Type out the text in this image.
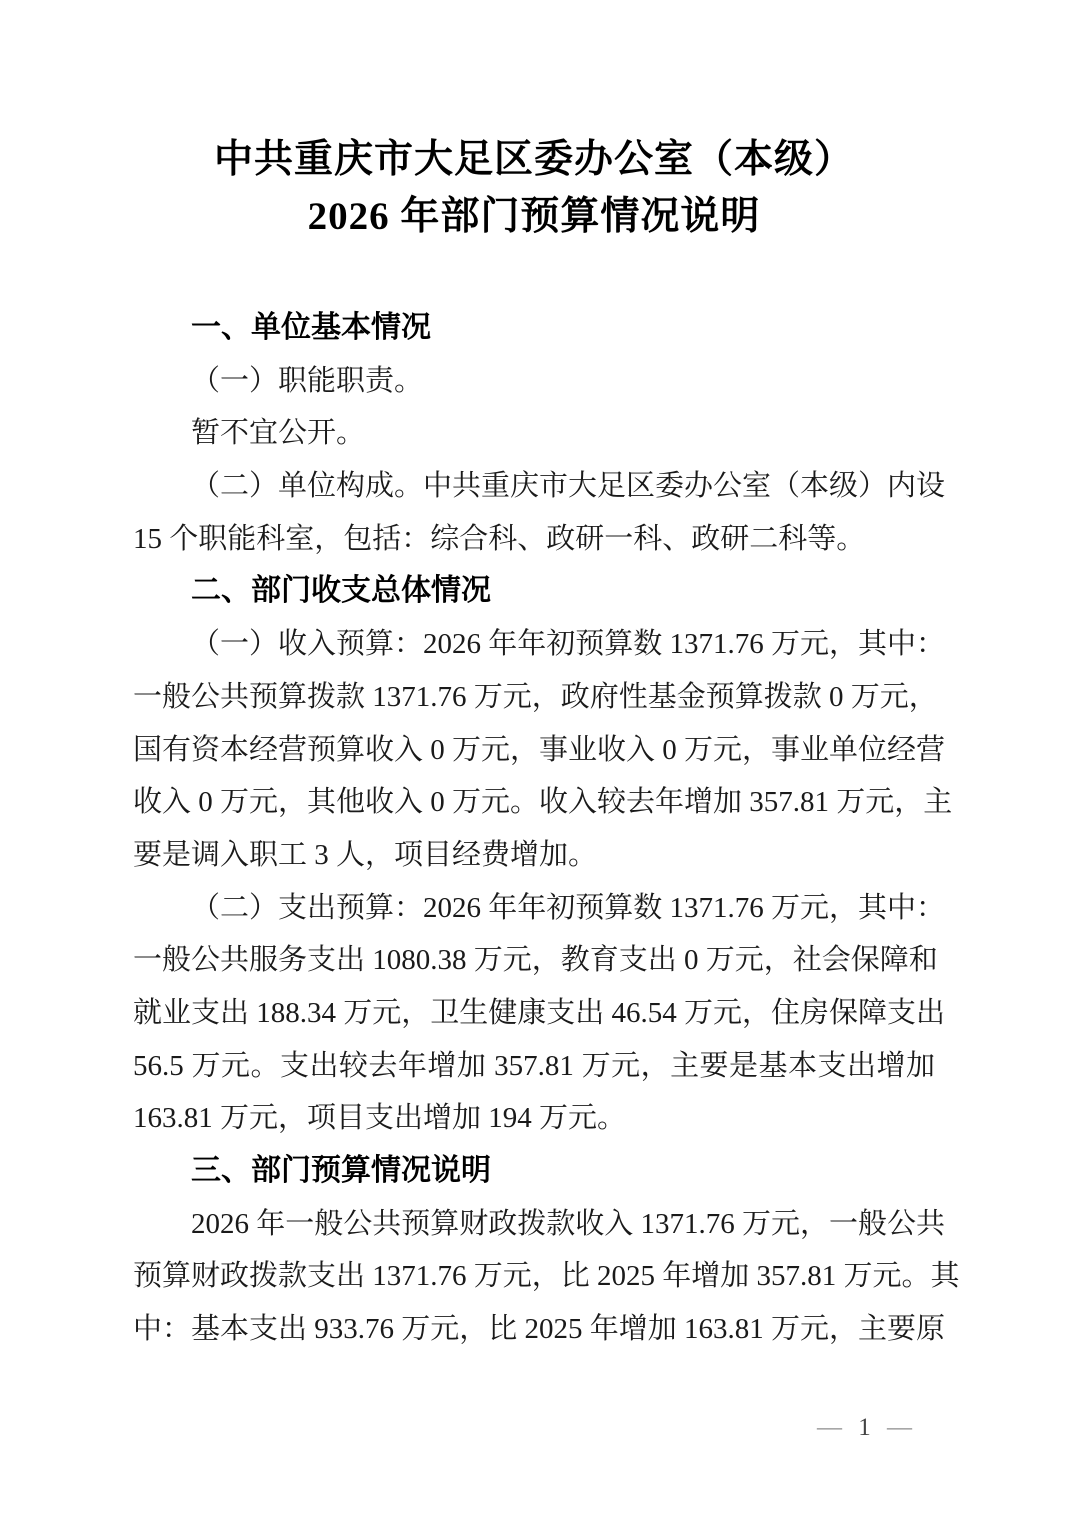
中共重庆市大足区委办公室（本级）
2026 年部门预算情况说明
一、单位基本情况
（一）职能职责。
暂不宜公开。
（二）单位构成。中共重庆市大足区委办公室（本级）内设
15 个职能科室，包括：综合科、政研一科、政研二科等。
二、部门收支总体情况
（一）收入预算：2026 年年初预算数 1371.76 万元，其中：
一般公共预算拨款 1371.76 万元，政府性基金预算拨款 0 万元，
国有资本经营预算收入 0 万元，事业收入 0 万元，事业单位经营
收入 0 万元，其他收入 0 万元。收入较去年增加 357.81 万元，主
要是调入职工 3 人，项目经费增加。
（二）支出预算：2026 年年初预算数 1371.76 万元，其中：
一般公共服务支出 1080.38 万元，教育支出 0 万元，社会保障和
就业支出 188.34 万元，卫生健康支出 46.54 万元，住房保障支出
56.5 万元。支出较去年增加 357.81 万元，主要是基本支出增加
163.81 万元，项目支出增加 194 万元。
三、部门预算情况说明
2026 年一般公共预算财政拨款收入 1371.76 万元，一般公共
预算财政拨款支出 1371.76 万元，比 2025 年增加 357.81 万元。其
中：基本支出 933.76 万元，比 2025 年增加 163.81 万元，主要原
— 1 —
